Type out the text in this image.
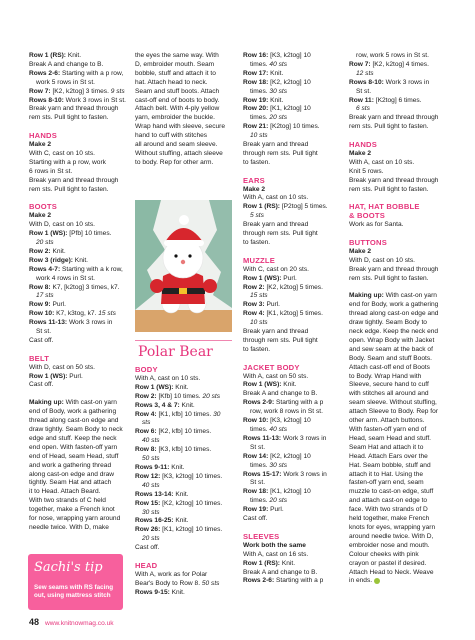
Row 1 (RS): Knit.

Break A and change to B.

Rows 2-6: Starting with a p row,

work 5 rows in St st.

Row 7: [K2, k2tog] 3 times. 9 sts

Rows 8-10: Work 3 rows in St st.

Break yarn and thread through

rem sts. Pull tight to fasten.

HANDS

Make 2

With C, cast on 10 sts.

Starting with a p row, work

6 rows in St st.

Break yarn and thread through

rem sts. Pull tight to fasten.

BOOTS

Make 2

With D, cast on 10 sts.

Row 1 (WS): [Pfb] 10 times.

20 sts

Row 2: Knit.

Row 3 (ridge): Knit.

Rows 4-7: Starting with a k row,

work 4 rows in St st.

Row 8: K7, [k2tog] 3 times, k7.

17 sts

Row 9: Purl.

Row 10: K7, k3tog, k7. 15 sts

Rows 11-13: Work 3 rows in

St st.

Cast off.

BELT

With D, cast on 50 sts.

Row 1 (WS): Purl.

Cast off.

Making up: With cast-on yarn

end of Body, work a gathering

thread along cast-on edge and

draw tightly. Seam Body to neck

edge and stuff. Keep the neck

end open. With fasten-off yarn

end of Head, seam Head, stuff

and work a gathering thread

along cast-on edge and draw

tightly. Seam Hat and attach

it to Head. Attach Beard.

With two strands of C held

together, make a French knot

for nose, wrapping yarn around

needle twice. With D, make

the eyes the same way. With

D, embroider mouth. Seam

bobble, stuff and attach it to

hat. Attach head to neck.

Seam and stuff boots. Attach

cast-off end of boots to body.

Attach belt. With 4-ply yellow

yarn, embroider the buckle.

Wrap hand with sleeve, secure

hand to cuff with stitches

all around and seam sleeve.

Without stuffing, attach sleeve

to body. Rep for other arm.

Polar Bear

BODY

With A, cast on 10 sts.

Row 1 (WS): Knit.

Row 2: [Kfb] 10 times. 20 sts

Rows 3, 4 & 7: Knit.

Row 4: [K1, kfb] 10 times. 30

sts

Row 6: [K2, kfb] 10 times.

40 sts

Row 8: [K3, kfb] 10 times.

50 sts

Rows 9-11: Knit.

Row 12: [K3, k2tog] 10 times.

40 sts

Rows 13-14: Knit.

Row 15: [K2, k2tog] 10 times.

30 sts

Rows 16-25: Knit.

Row 26: [K1, k2tog] 10 times.

20 sts

Cast off.

HEAD

With A, work as for Polar

Bear's Body to Row 8. 50 sts

Rows 9-15: Knit.

Row 16: [K3, k2tog] 10

times. 40 sts

Row 17: Knit.

Row 18: [K2, k2tog] 10

times. 30 sts

Row 19: Knit.

Row 20: [K1, k2tog] 10

times. 20 sts

Row 21: [K2tog] 10 times.

10 sts

Break yarn and thread

through rem sts. Pull tight

to fasten.

EARS

Make 2

With A, cast on 10 sts.

Row 1 (RS): [P2tog] 5 times.

5 sts

Break yarn and thread

through rem sts. Pull tight

to fasten.

MUZZLE

With C, cast on 20 sts.

Row 1 (WS): Purl.

Row 2: [K2, k2tog] 5 times.

15 sts

Row 3: Purl.

Row 4: [K1, k2tog] 5 times.

10 sts

Break yarn and thread

through rem sts. Pull tight

to fasten.

JACKET BODY

With A, cast on 50 sts.

Row 1 (WS): Knit.

Break A and change to B.

Rows 2-9: Starting with a p

row, work 8 rows in St st.

Row 10: [K3, k2tog] 10

times. 40 sts

Rows 11-13: Work 3 rows in

St st.

Row 14: [K2, k2tog] 10

times. 30 sts

Rows 15-17: Work 3 rows in

St st.

Row 18: [K1, k2tog] 10

times. 20 sts

Row 19: Purl.

Cast off.

SLEEVES

Work both the same

With A, cast on 16 sts.

Row 1 (RS): Knit.

Break A and change to B.

Rows 2-6: Starting with a p

row, work 5 rows in St st.

Row 7: [K2, k2tog] 4 times.

12 sts

Rows 8-10: Work 3 rows in

St st.

Row 11: [K2tog] 6 times.

6 sts

Break yarn and thread through

rem sts. Pull tight to fasten.

HANDS

Make 2

With A, cast on 10 sts.

Knit 5 rows.

Break yarn and thread through

rem sts. Pull tight to fasten.

HAT, HAT BOBBLE

& BOOTS

Work as for Santa.

BUTTONS

Make 2

With D, cast on 10 sts.

Break yarn and thread through

rem sts. Pull tight to fasten.

Making up: With cast-on yarn

end for Body, work a gathering

thread along cast-on edge and

draw tightly. Seam Body to

neck edge. Keep the neck end

open. Wrap Body with Jacket

and sew seam at the back of

Body. Seam and stuff Boots.

Attach cast-off end of Boots

to Body. Wrap Hand with

Sleeve, secure hand to cuff

with stitches all around and

seam sleeve. Without stuffing,

attach Sleeve to Body. Rep for

other arm. Attach buttons.

With fasten-off yarn end of

Head, seam Head and stuff.

Seam Hat and attach it to

Head. Attach Ears over the

Hat. Seam bobble, stuff and

attach it to Hat. Using the

fasten-off yarn end, seam

muzzle to cast-on edge, stuff

and attach cast-on edge to

face. With two strands of D

held together, make French

knots for eyes, wrapping yarn

around needle twice. With D,

embroider nose and mouth.

Colour cheeks with pink

crayon or pastel if desired.

Attach Head to Neck. Weave

in ends.

Sachi's tip
Sew seams with RS facing out, using mattress stitch
48 www.knitnowmag.co.uk
